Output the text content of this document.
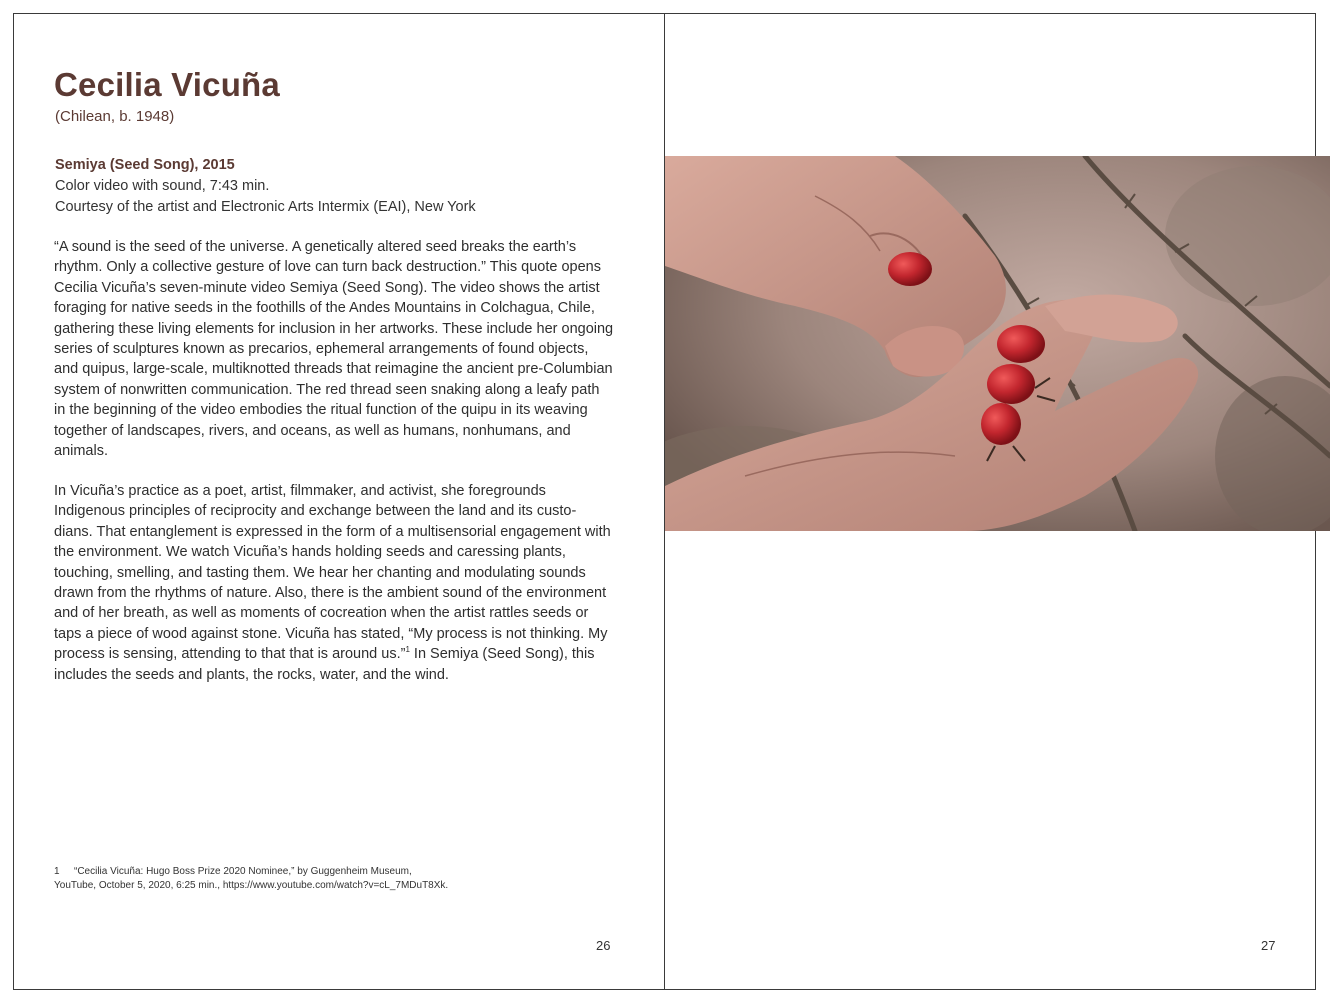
Cecilia Vicuña
(Chilean, b. 1948)
Semiya (Seed Song), 2015
Color video with sound, 7:43 min.
Courtesy of the artist and Electronic Arts Intermix (EAI), New York

“A sound is the seed of the universe. A genetically altered seed breaks the earth’s rhythm. Only a collective gesture of love can turn back destruction.” This quote opens Cecilia Vicuña’s seven-minute video Semiya (Seed Song). The video shows the artist foraging for native seeds in the foothills of the Andes Mountains in Colchagua, Chile, gathering these living elements for inclusion in her artworks. These include her ongoing series of sculptures known as precarios, ephemeral arrangements of found objects, and quipus, large-scale, multiknotted threads that reimagine the ancient pre-Columbian system of nonwritten communication. The red thread seen snaking along a leafy path in the beginning of the video embodies the ritual function of the quipu in its weaving together of landscapes, rivers, and oceans, as well as humans, nonhumans, and animals.

In Vicuña’s practice as a poet, artist, filmmaker, and activist, she foregrounds Indigenous principles of reciprocity and exchange between the land and its custo-dians. That entanglement is expressed in the form of a multisensorial engagement with the environment. We watch Vicuña’s hands holding seeds and caressing plants, touching, smelling, and tasting them. We hear her chanting and modulating sounds drawn from the rhythms of nature. Also, there is the ambient sound of the environment and of her breath, as well as moments of cocreation when the artist rattles seeds or taps a piece of wood against stone. Vicuña has stated, “My process is not thinking. My process is sensing, attending to that that is around us.”$^1$ In Semiya (Seed Song), this includes the seeds and plants, the rocks, water, and the wind.

1 “Cecilia Vicuña: Hugo Boss Prize 2020 Nominee,” by Guggenheim Museum, YouTube, October 5, 2020, 6:25 min., https://www.youtube.com/watch?v=cL_7MDuT8Xk.
26	27
